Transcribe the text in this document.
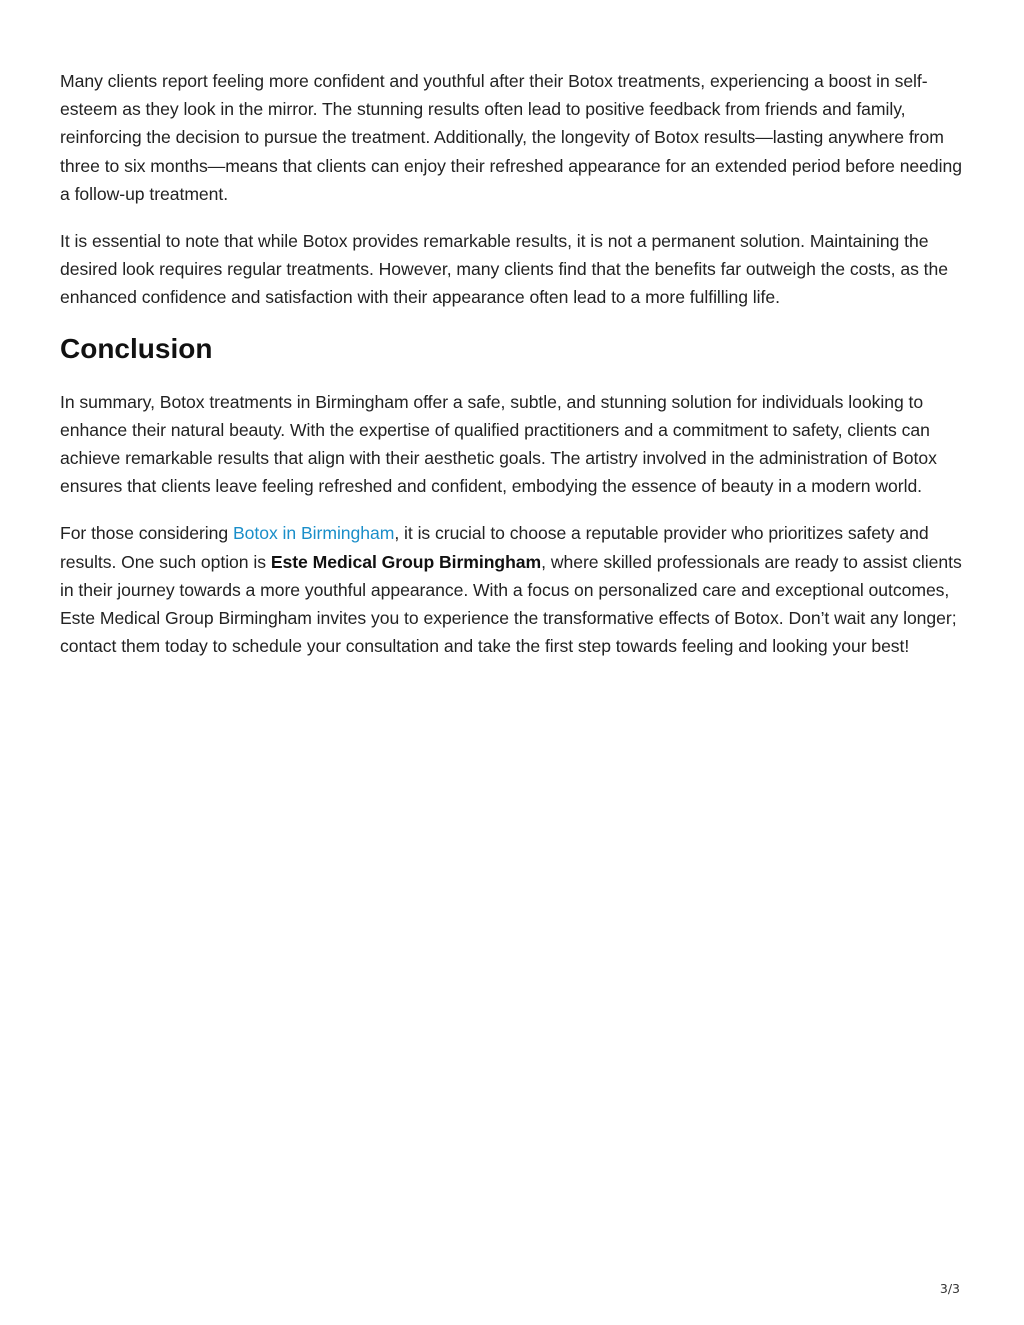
Many clients report feeling more confident and youthful after their Botox treatments, experiencing a boost in self-esteem as they look in the mirror. The stunning results often lead to positive feedback from friends and family, reinforcing the decision to pursue the treatment. Additionally, the longevity of Botox results—lasting anywhere from three to six months—means that clients can enjoy their refreshed appearance for an extended period before needing a follow-up treatment.

It is essential to note that while Botox provides remarkable results, it is not a permanent solution. Maintaining the desired look requires regular treatments. However, many clients find that the benefits far outweigh the costs, as the enhanced confidence and satisfaction with their appearance often lead to a more fulfilling life.

Conclusion

In summary, Botox treatments in Birmingham offer a safe, subtle, and stunning solution for individuals looking to enhance their natural beauty. With the expertise of qualified practitioners and a commitment to safety, clients can achieve remarkable results that align with their aesthetic goals. The artistry involved in the administration of Botox ensures that clients leave feeling refreshed and confident, embodying the essence of beauty in a modern world.

For those considering Botox in Birmingham, it is crucial to choose a reputable provider who prioritizes safety and results. One such option is Este Medical Group Birmingham, where skilled professionals are ready to assist clients in their journey towards a more youthful appearance. With a focus on personalized care and exceptional outcomes, Este Medical Group Birmingham invites you to experience the transformative effects of Botox. Don’t wait any longer; contact them today to schedule your consultation and take the first step towards feeling and looking your best!

3/3
